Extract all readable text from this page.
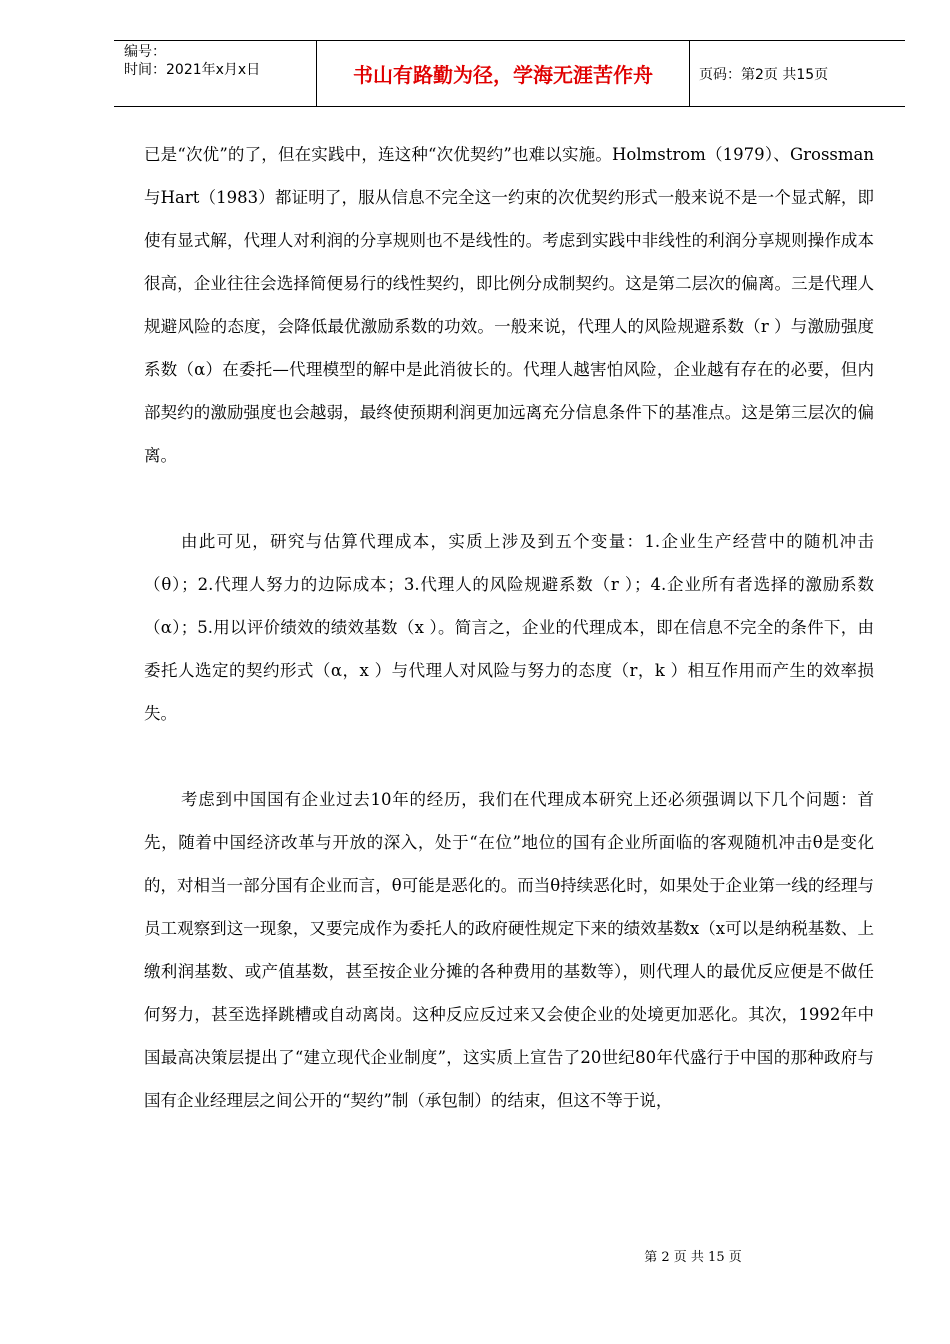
编号：
时间：2021年x月x日	书山有路勤为径，学海无涯苦作舟	页码：第2页 共15页

已是“次优”的了，但在实践中，连这种“次优契约”也难以实施。Holmstrom（1979）、Grossman与Hart（1983）都证明了，服从信息不完全这一约束的次优契约形式一般来说不是一个显式解，即使有显式解，代理人对利润的分享规则也不是线性的。考虑到实践中非线性的利润分享规则操作成本很高，企业往往会选择简便易行的线性契约，即比例分成制契约。这是第二层次的偏离。三是代理人规避风险的态度，会降低最优激励系数的功效。一般来说，代理人的风险规避系数（r ）与激励强度系数（α）在委托—代理模型的解中是此消彼长的。代理人越害怕风险，企业越有存在的必要，但内部契约的激励强度也会越弱，最终使预期利润更加远离充分信息条件下的基准点。这是第三层次的偏离。

由此可见，研究与估算代理成本，实质上涉及到五个变量：1.企业生产经营中的随机冲击（θ）；2.代理人努力的边际成本；3.代理人的风险规避系数（r ）；4.企业所有者选择的激励系数（α）；5.用以评价绩效的绩效基数（x ）。简言之，企业的代理成本，即在信息不完全的条件下，由委托人选定的契约形式（α，x ）与代理人对风险与努力的态度（r，k ）相互作用而产生的效率损失。

考虑到中国国有企业过去10年的经历，我们在代理成本研究上还必须强调以下几个问题：首先，随着中国经济改革与开放的深入，处于“在位”地位的国有企业所面临的客观随机冲击θ是变化的，对相当一部分国有企业而言，θ可能是恶化的。而当θ持续恶化时，如果处于企业第一线的经理与员工观察到这一现象，又要完成作为委托人的政府硬性规定下来的绩效基数x（x可以是纳税基数、上缴利润基数、或产值基数，甚至按企业分摊的各种费用的基数等），则代理人的最优反应便是不做任何努力，甚至选择跳槽或自动离岗。这种反应反过来又会使企业的处境更加恶化。其次，1992年中国最高决策层提出了“建立现代企业制度”，这实质上宣告了20世纪80年代盛行于中国的那种政府与国有企业经理层之间公开的“契约”制（承包制）的结束，但这不等于说，

第 2 页 共 15 页
